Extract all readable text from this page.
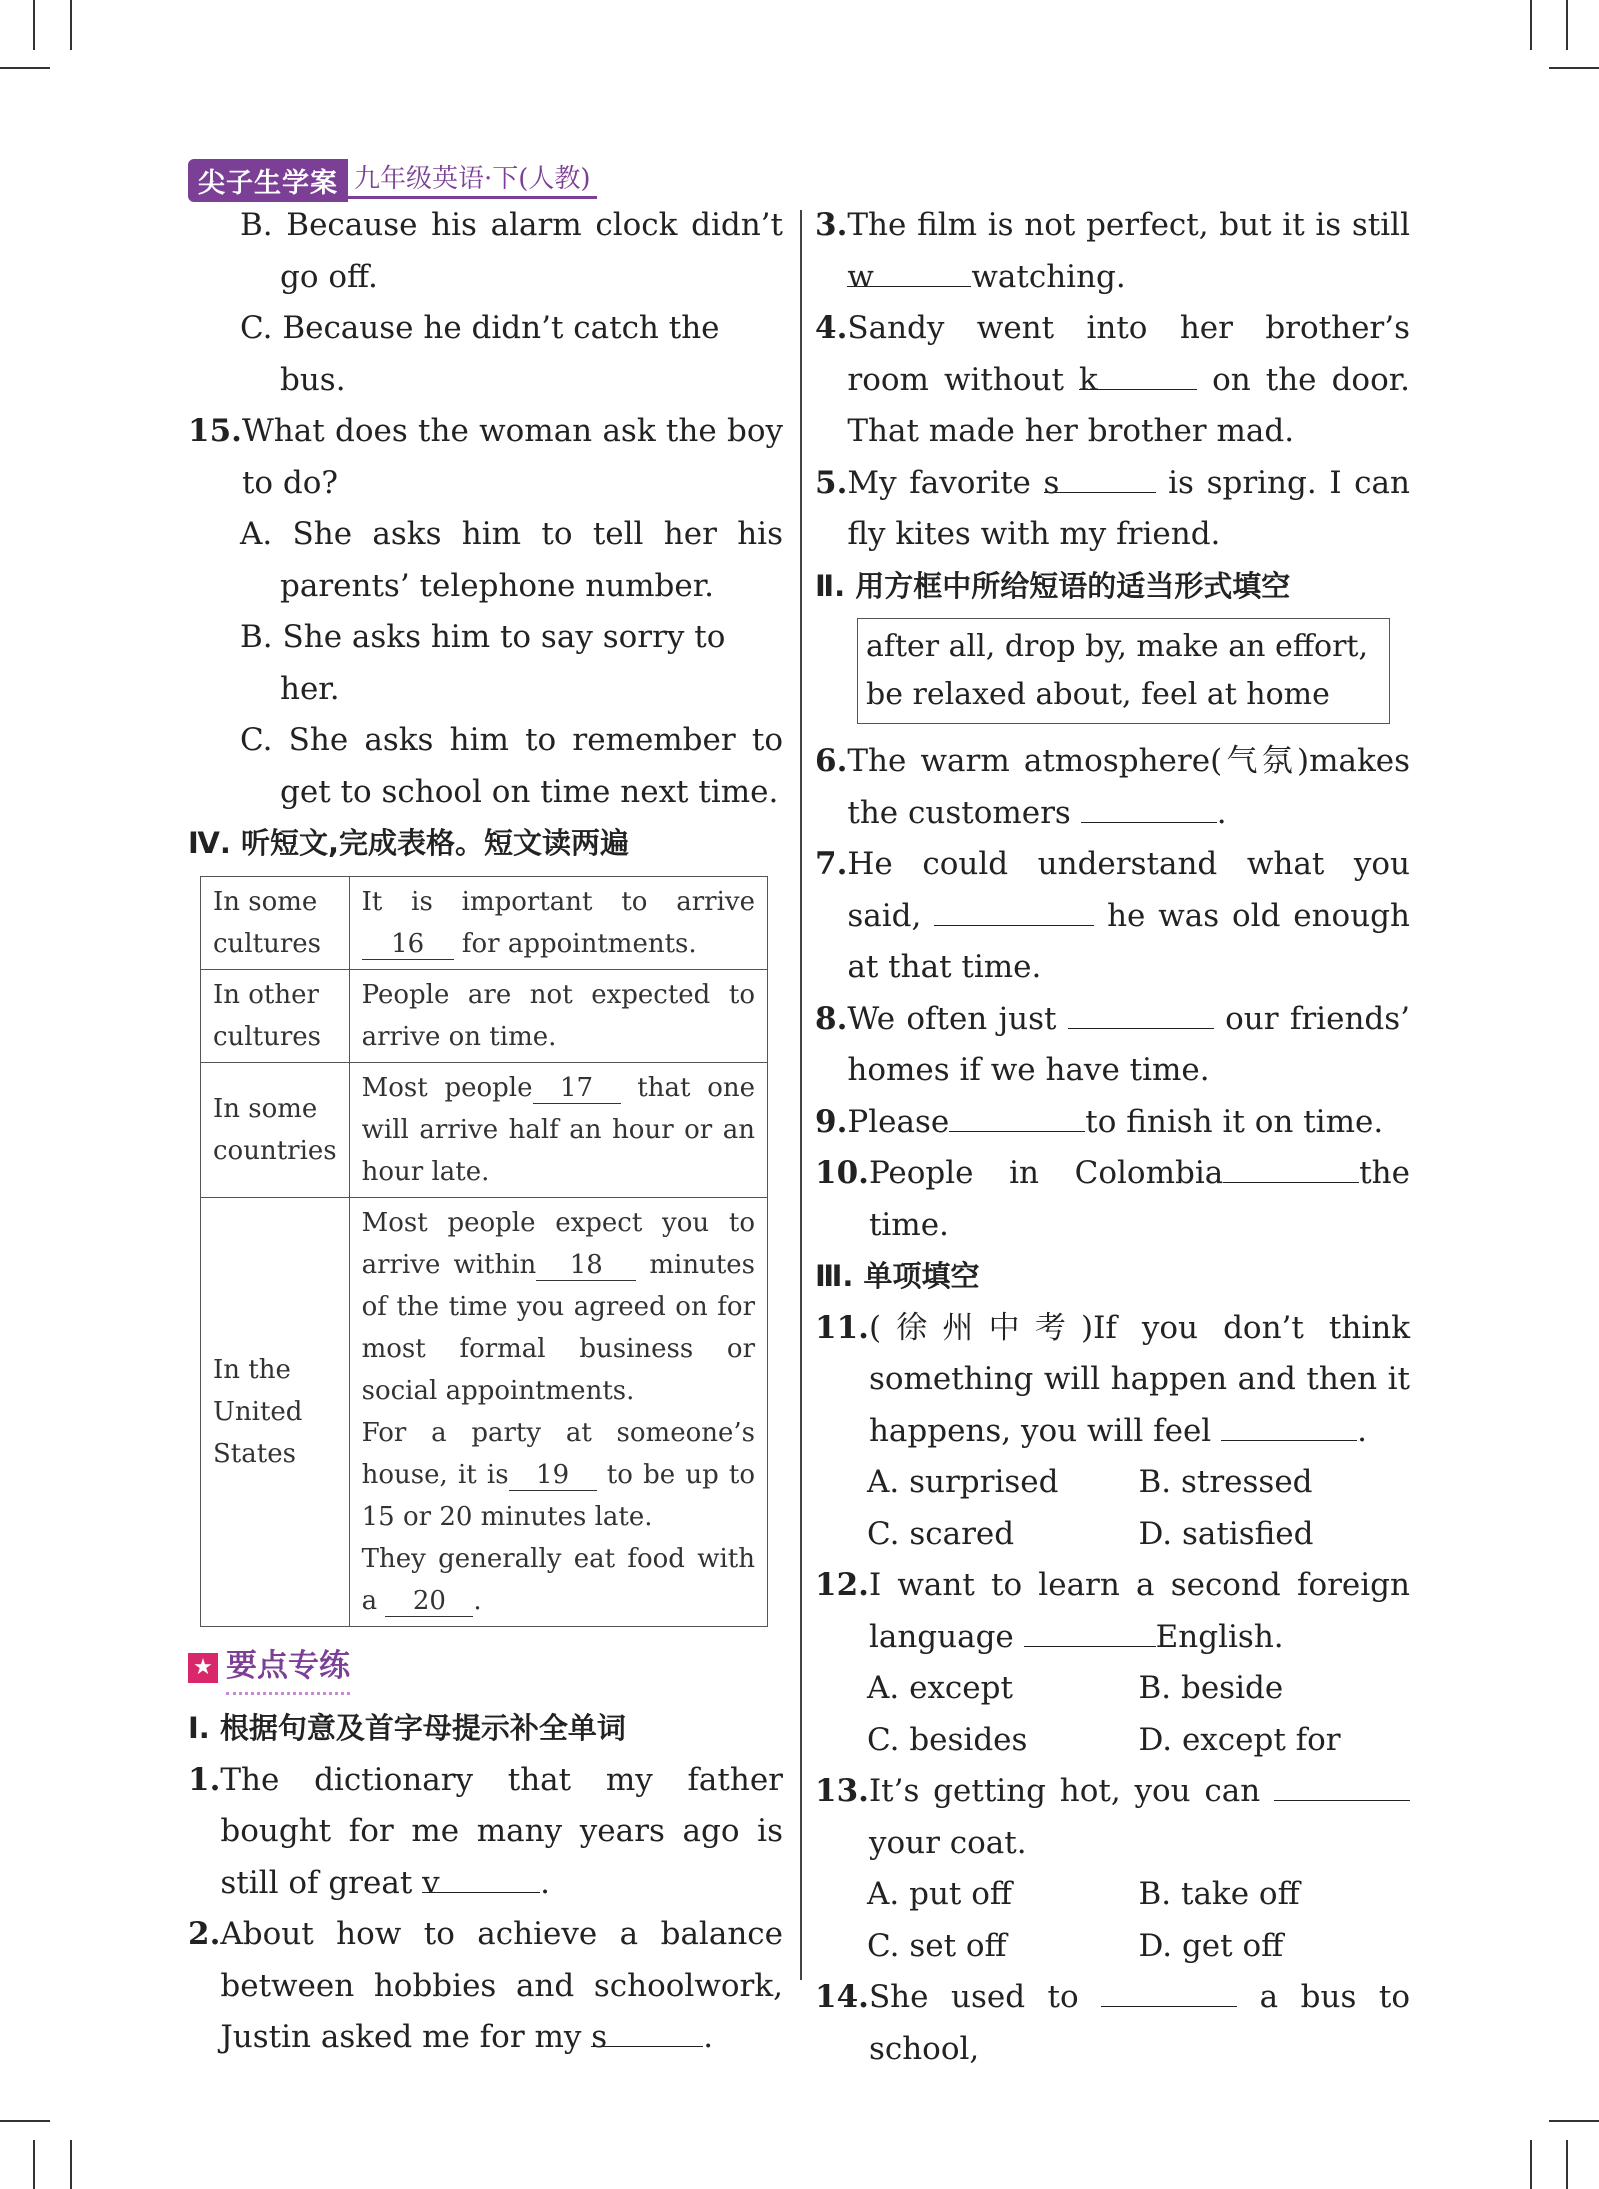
尖子生学案 九年级英语·下(人教)
B. Because his alarm clock didn’t go off.
C. Because he didn’t catch the bus.
15. What does the woman ask the boy to do?
A. She asks him to tell her his parents’ telephone number.
B. She asks him to say sorry to her.
C. She asks him to remember to get to school on time next time.
Ⅳ. 听短文,完成表格。短文读两遍
In some cultures	It is important to arrive16 for appointments.
In other cultures	People are not expected to arrive on time.
In some countries	Most people 17 that one will arrive half an hour or an hour late.
In the United States	Most people expect you to arrive within 18 minutes of the time you agreed on for most formal business or social appointments.
For a party at someone’s house, it is 19 to be up to 15 or 20 minutes late.
They generally eat food with a 20 .
★ 要点专练
Ⅰ. 根据句意及首字母提示补全单词
1. The dictionary that my father bought for me many years ago is still of great v	.
2. About how to achieve a balance between hobbies and schoolwork, Justin asked me for my s	.
3. The film is not perfect, but it is still w	watching.
4. Sandy went into her brother’s room without k	on the door. That made her brother mad.
5. My favorite s	is spring. I can fly kites with my friend.
Ⅱ. 用方框中所给短语的适当形式填空
after all, drop by, make an effort, be relaxed about, feel at home
6. The warm atmosphere(气氛)makes the customers	.
7. He could understand what you said,	he was old enough at that time.
8. We often just	our friends’ homes if we have time.
9. Please	to finish it on time.
10. People in Colombia	the time.
Ⅲ. 单项填空
11. (徐州中考)If you don’t think something will happen and then it happens, you will feel	.
A. surprised	B. stressed
C. scared	D. satisfied
12. I want to learn a second foreign language	English.
A. except	B. beside
C. besides	D. except for
13. It’s getting hot, you can your coat.
A. put off	B. take off
C. set off	D. get off
14. She used to	a bus to school,
